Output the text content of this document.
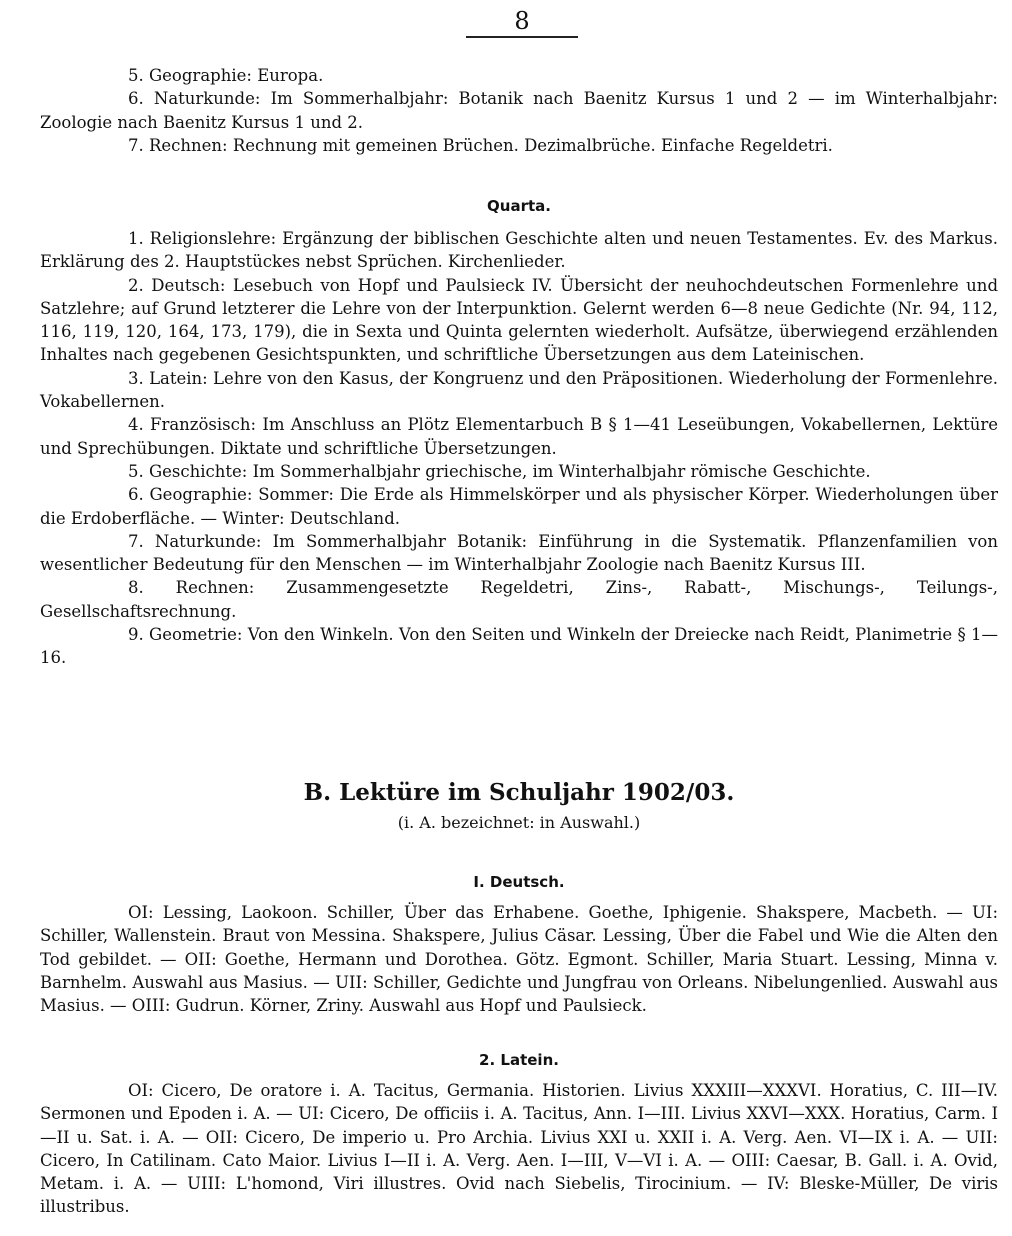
8

5. Geographie: Europa.

6. Naturkunde: Im Sommerhalbjahr: Botanik nach Baenitz Kursus 1 und 2 — im Winterhalbjahr: Zoologie nach Baenitz Kursus 1 und 2.

7. Rechnen: Rechnung mit gemeinen Brüchen. Dezimalbrüche. Einfache Regeldetri.

Quarta.

1. Religionslehre: Ergänzung der biblischen Geschichte alten und neuen Testamentes. Ev. des Markus. Erklärung des 2. Hauptstückes nebst Sprüchen. Kirchenlieder.

2. Deutsch: Lesebuch von Hopf und Paulsieck IV. Übersicht der neuhochdeutschen Formenlehre und Satzlehre; auf Grund letzterer die Lehre von der Interpunktion. Gelernt werden 6—8 neue Gedichte (Nr. 94, 112, 116, 119, 120, 164, 173, 179), die in Sexta und Quinta gelernten wiederholt. Aufsätze, überwiegend erzählenden Inhaltes nach gegebenen Gesichtspunkten, und schriftliche Übersetzungen aus dem Lateinischen.

3. Latein: Lehre von den Kasus, der Kongruenz und den Präpositionen. Wiederholung der Formenlehre. Vokabellernen.

4. Französisch: Im Anschluss an Plötz Elementarbuch B § 1—41 Leseübungen, Vokabellernen, Lektüre und Sprechübungen. Diktate und schriftliche Übersetzungen.

5. Geschichte: Im Sommerhalbjahr griechische, im Winterhalbjahr römische Geschichte.

6. Geographie: Sommer: Die Erde als Himmelskörper und als physischer Körper. Wiederholungen über die Erdoberfläche. — Winter: Deutschland.

7. Naturkunde: Im Sommerhalbjahr Botanik: Einführung in die Systematik. Pflanzenfamilien von wesentlicher Bedeutung für den Menschen — im Winterhalbjahr Zoologie nach Baenitz Kursus III.

8. Rechnen: Zusammengesetzte Regeldetri, Zins-, Rabatt-, Mischungs-, Teilungs-, Gesellschaftsrechnung.

9. Geometrie: Von den Winkeln. Von den Seiten und Winkeln der Dreiecke nach Reidt, Planimetrie § 1—16.

B. Lektüre im Schuljahr 1902/03.
(i. A. bezeichnet: in Auswahl.)
I. Deutsch.

OI: Lessing, Laokoon. Schiller, Über das Erhabene. Goethe, Iphigenie. Shakspere, Macbeth. — UI: Schiller, Wallenstein. Braut von Messina. Shakspere, Julius Cäsar. Lessing, Über die Fabel und Wie die Alten den Tod gebildet. — OII: Goethe, Hermann und Dorothea. Götz. Egmont. Schiller, Maria Stuart. Lessing, Minna v. Barnhelm. Auswahl aus Masius. — UII: Schiller, Gedichte und Jungfrau von Orleans. Nibelungenlied. Auswahl aus Masius. — OIII: Gudrun. Körner, Zriny. Auswahl aus Hopf und Paulsieck.

2. Latein.

OI: Cicero, De oratore i. A. Tacitus, Germania. Historien. Livius XXXIII—XXXVI. Horatius, C. III—IV. Sermonen und Epoden i. A. — UI: Cicero, De officiis i. A. Tacitus, Ann. I—III. Livius XXVI—XXX. Horatius, Carm. I—II u. Sat. i. A. — OII: Cicero, De imperio u. Pro Archia. Livius XXI u. XXII i. A. Verg. Aen. VI—IX i. A. — UII: Cicero, In Catilinam. Cato Maior. Livius I—II i. A. Verg. Aen. I—III, V—VI i. A. — OIII: Caesar, B. Gall. i. A. Ovid, Metam. i. A. — UIII: L'homond, Viri illustres. Ovid nach Siebelis, Tirocinium. — IV: Bleske-Müller, De viris illustribus.
